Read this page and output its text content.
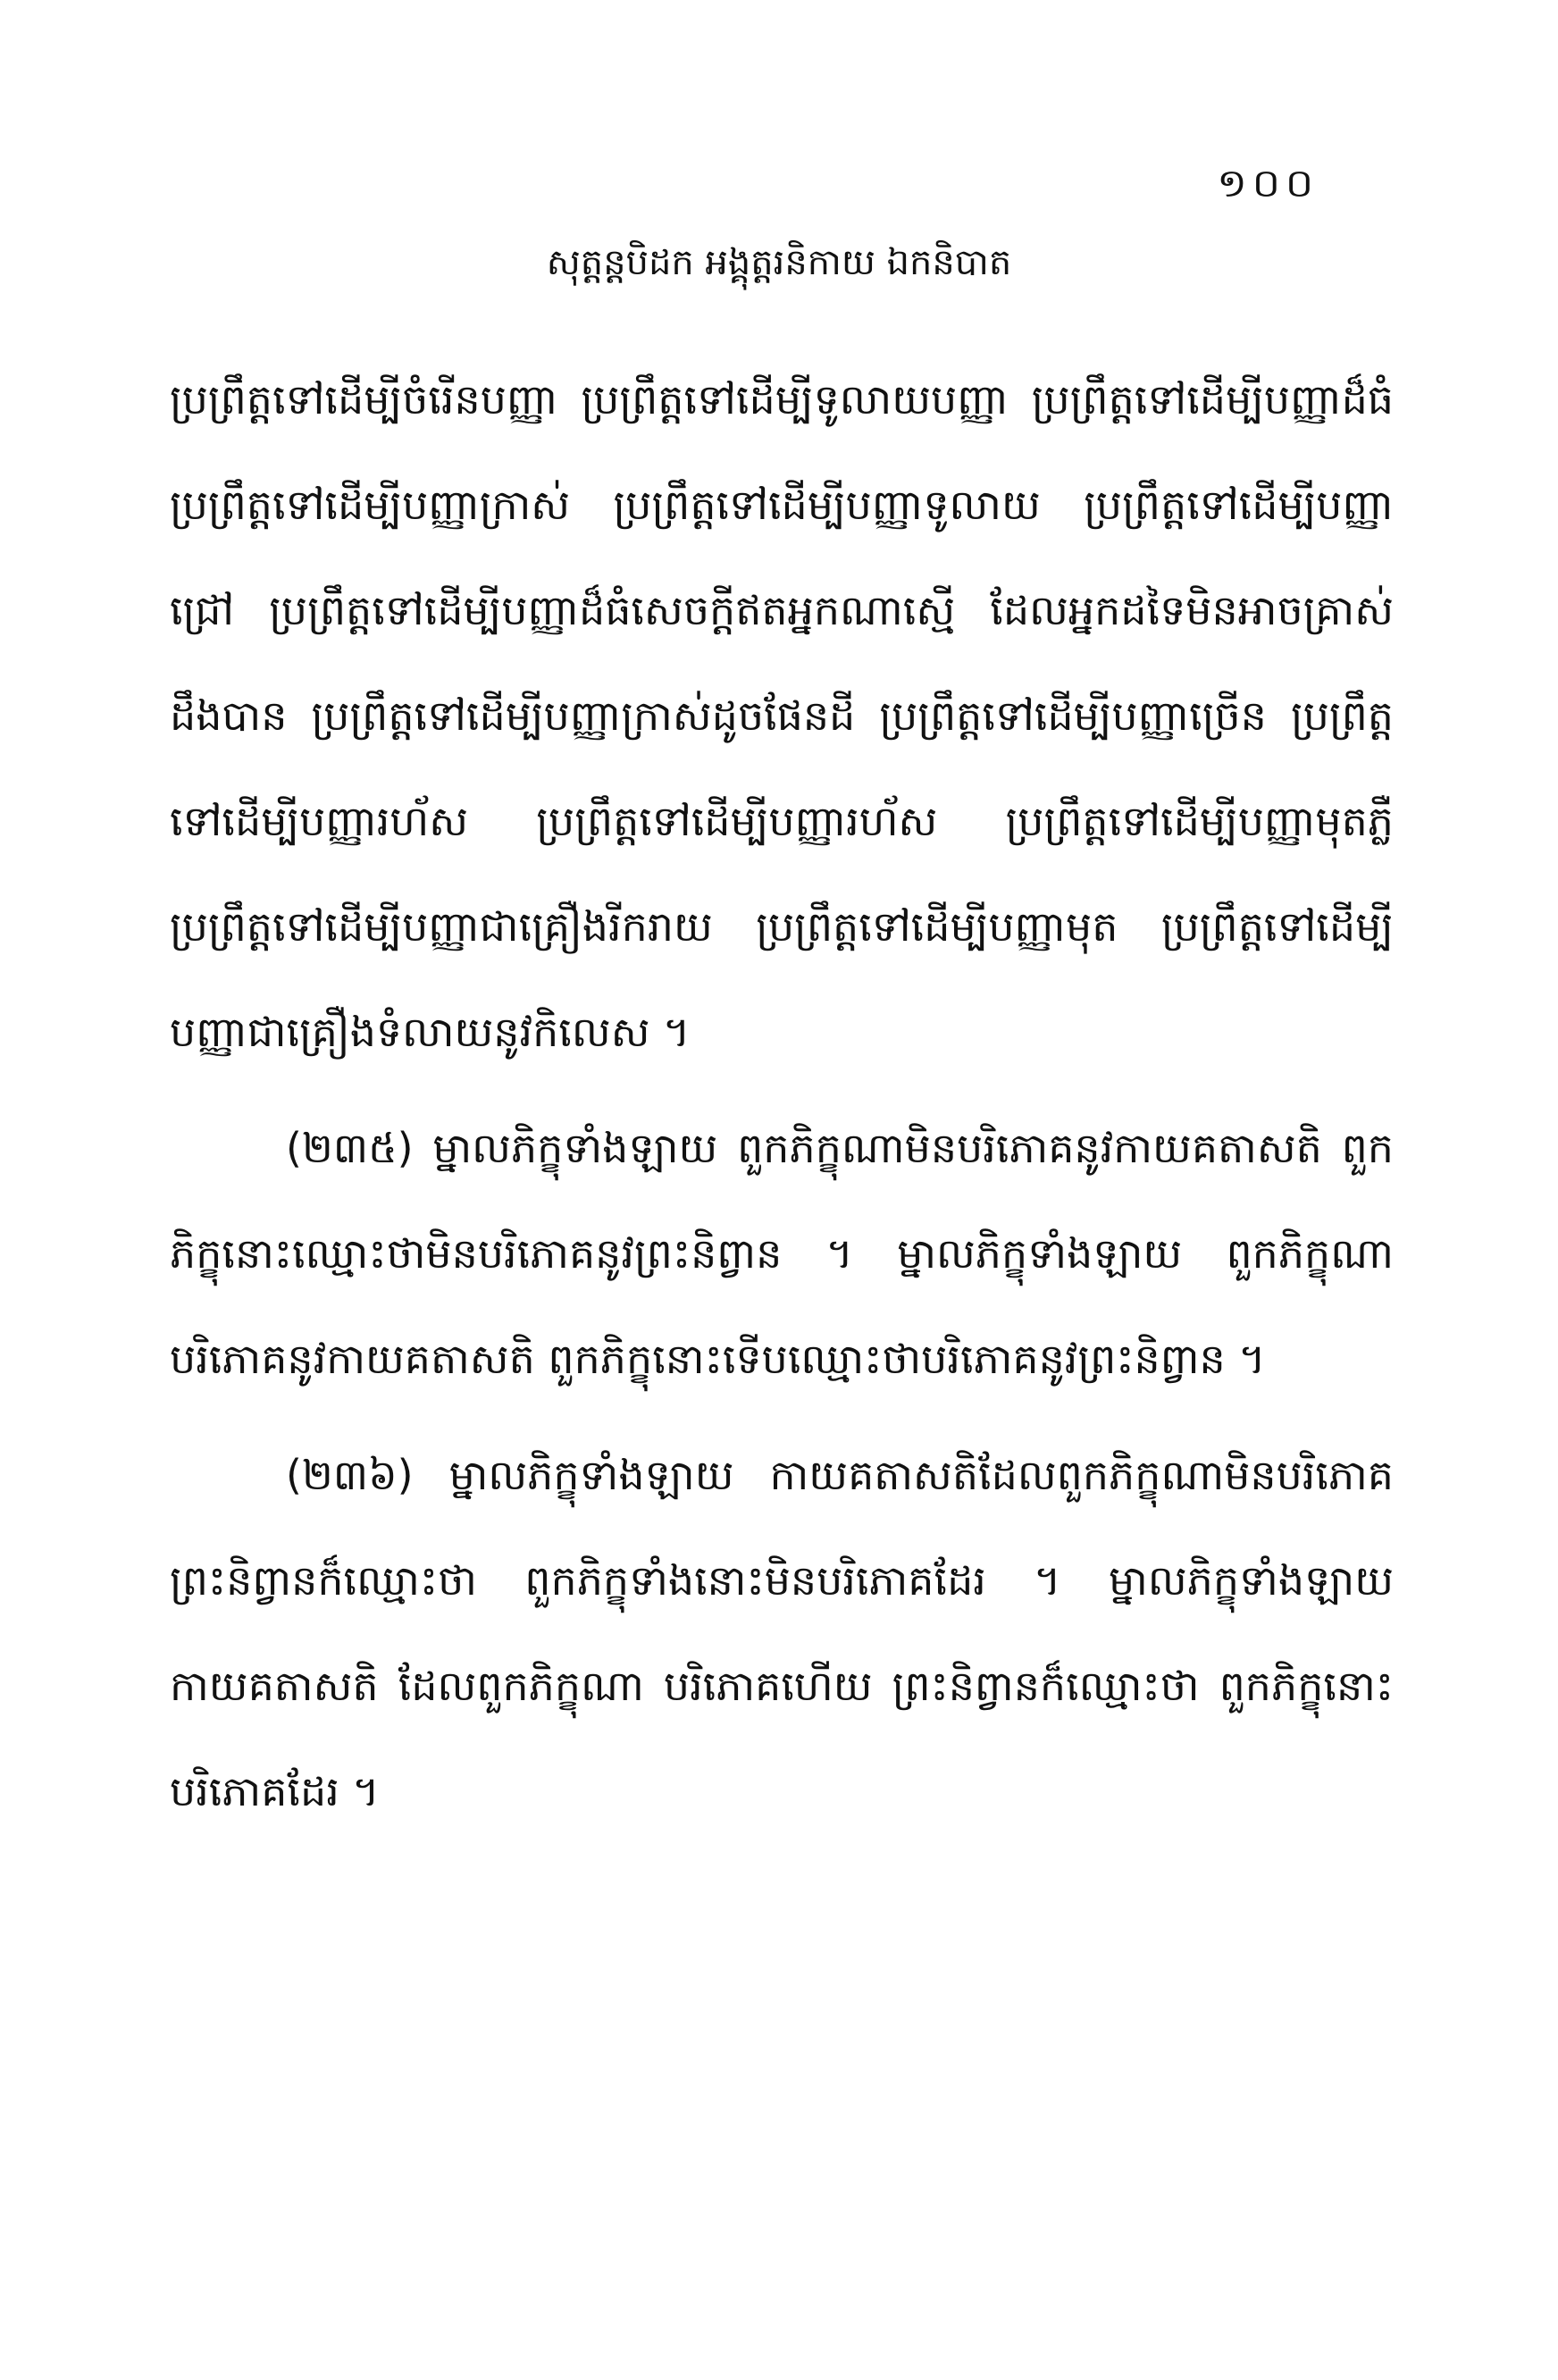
១០០
សុត្តន្តបិដក អង្គុត្តរនិកាយ ឯកនិបាត

ប្រព្រឹត្តទៅដើម្បីចំរើនបញ្ញា ប្រព្រឹត្តទៅដើម្បីទូលាយបញ្ញា ប្រព្រឹត្តទៅដើម្បីបញ្ញាដ៏ធំ ប្រព្រឹត្តទៅដើម្បីបញ្ញាក្រាស់ ប្រព្រឹត្តទៅដើម្បីបញ្ញាទូលាយ ប្រព្រឹត្តទៅដើម្បីបញ្ញាជ្រៅ ប្រព្រឹត្តទៅដើម្បីបញ្ញាដ៏ធំសេចក្ដីឥតអ្នកណាស្មើ ដែលអ្នកដទៃមិនអាចគ្រាស់ដឹងបាន ប្រព្រឹត្តទៅដើម្បីបញ្ញាក្រាស់ដូចផែនដី ប្រព្រឹត្តទៅដើម្បីបញ្ញាច្រើន ប្រព្រឹត្តទៅដើម្បីបញ្ញារហ័ស ប្រព្រឹត្តទៅដើម្បីបញ្ញារហ័ស ប្រព្រឹត្តទៅដើម្បីបញ្ញាមុតភ្លឺ ប្រព្រឹត្តទៅដើម្បីបញ្ញាជាគ្រឿងរីករាយ ប្រព្រឹត្តទៅដើម្បីបញ្ញាមុត ប្រព្រឹត្តទៅដើម្បីបញ្ញាជាគ្រឿងទំលាយនូវកិលេស ។

(២៣៥) ម្នាលភិក្ខុទាំងឡាយ ពួកភិក្ខុណាមិនបរិភោគនូវកាយគតាសតិ ពួកភិក្ខុនោះឈ្មោះថាមិនបរិភោគនូវព្រះនិព្វាន ។ ម្នាលភិក្ខុទាំងឡាយ ពួកភិក្ខុណាបរិភោគនូវកាយគតាសតិ ពួកភិក្ខុនោះទើបឈ្មោះថាបរិភោគនូវព្រះនិព្វាន ។

(២៣៦) ម្នាលភិក្ខុទាំងឡាយ កាយគតាសតិដែលពួកភិក្ខុណាមិនបរិភោគ ព្រះនិព្វានក៏ឈ្មោះថា ពួកភិក្ខុទាំងនោះមិនបរិភោគដែរ ។ ម្នាលភិក្ខុទាំងឡាយ កាយគតាសតិ ដែលពួកភិក្ខុណា បរិភោគហើយ ព្រះនិព្វានក៏ឈ្មោះថា ពួកភិក្ខុនោះបរិភោគដែរ ។
